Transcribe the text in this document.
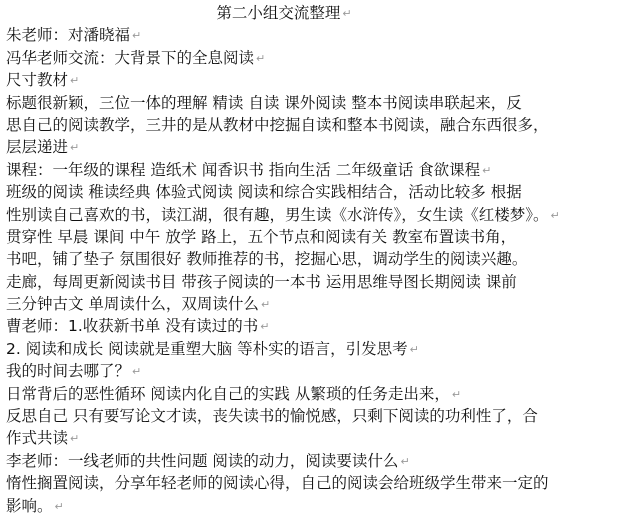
第二小组交流整理 ↵
朱老师：对潘晓福 ↵
冯华老师交流：大背景下的全息阅读 ↵
尺寸教材 ↵
标题很新颖，三位一体的理解 精读 自读 课外阅读 整本书阅读串联起来，反
思自己的阅读教学，三井的是从教材中挖掘自读和整本书阅读，融合东西很多，
层层递进 ↵
课程：一年级的课程 造纸术 闻香识书 指向生活 二年级童话 食欲课程 ↵
班级的阅读 稚读经典 体验式阅读 阅读和综合实践相结合，活动比较多 根据
性别读自己喜欢的书，读江湖，很有趣，男生读《水浒传》，女生读《红楼梦》。 ↵
贯穿性 早晨 课间 中午 放学 路上，五个节点和阅读有关 教室布置读书角，
书吧，铺了垫子 氛围很好 教师推荐的书，挖掘心思，调动学生的阅读兴趣。
走廊，每周更新阅读书目 带孩子阅读的一本书 运用思维导图长期阅读 课前
三分钟古文 单周读什么，双周读什么 ↵
曹老师：1.收获新书单 没有读过的书 ↵
2. 阅读和成长 阅读就是重塑大脑 等朴实的语言，引发思考 ↵
我的时间去哪了？ ↵
日常背后的恶性循环 阅读内化自己的实践 从繁琐的任务走出来， ↵
反思自己 只有要写论文才读，丧失读书的愉悦感，只剩下阅读的功利性了，合
作式共读 ↵
李老师：一线老师的共性问题 阅读的动力，阅读要读什么 ↵
惰性搁置阅读，分享年轻老师的阅读心得，自己的阅读会给班级学生带来一定的
影响。 ↵
